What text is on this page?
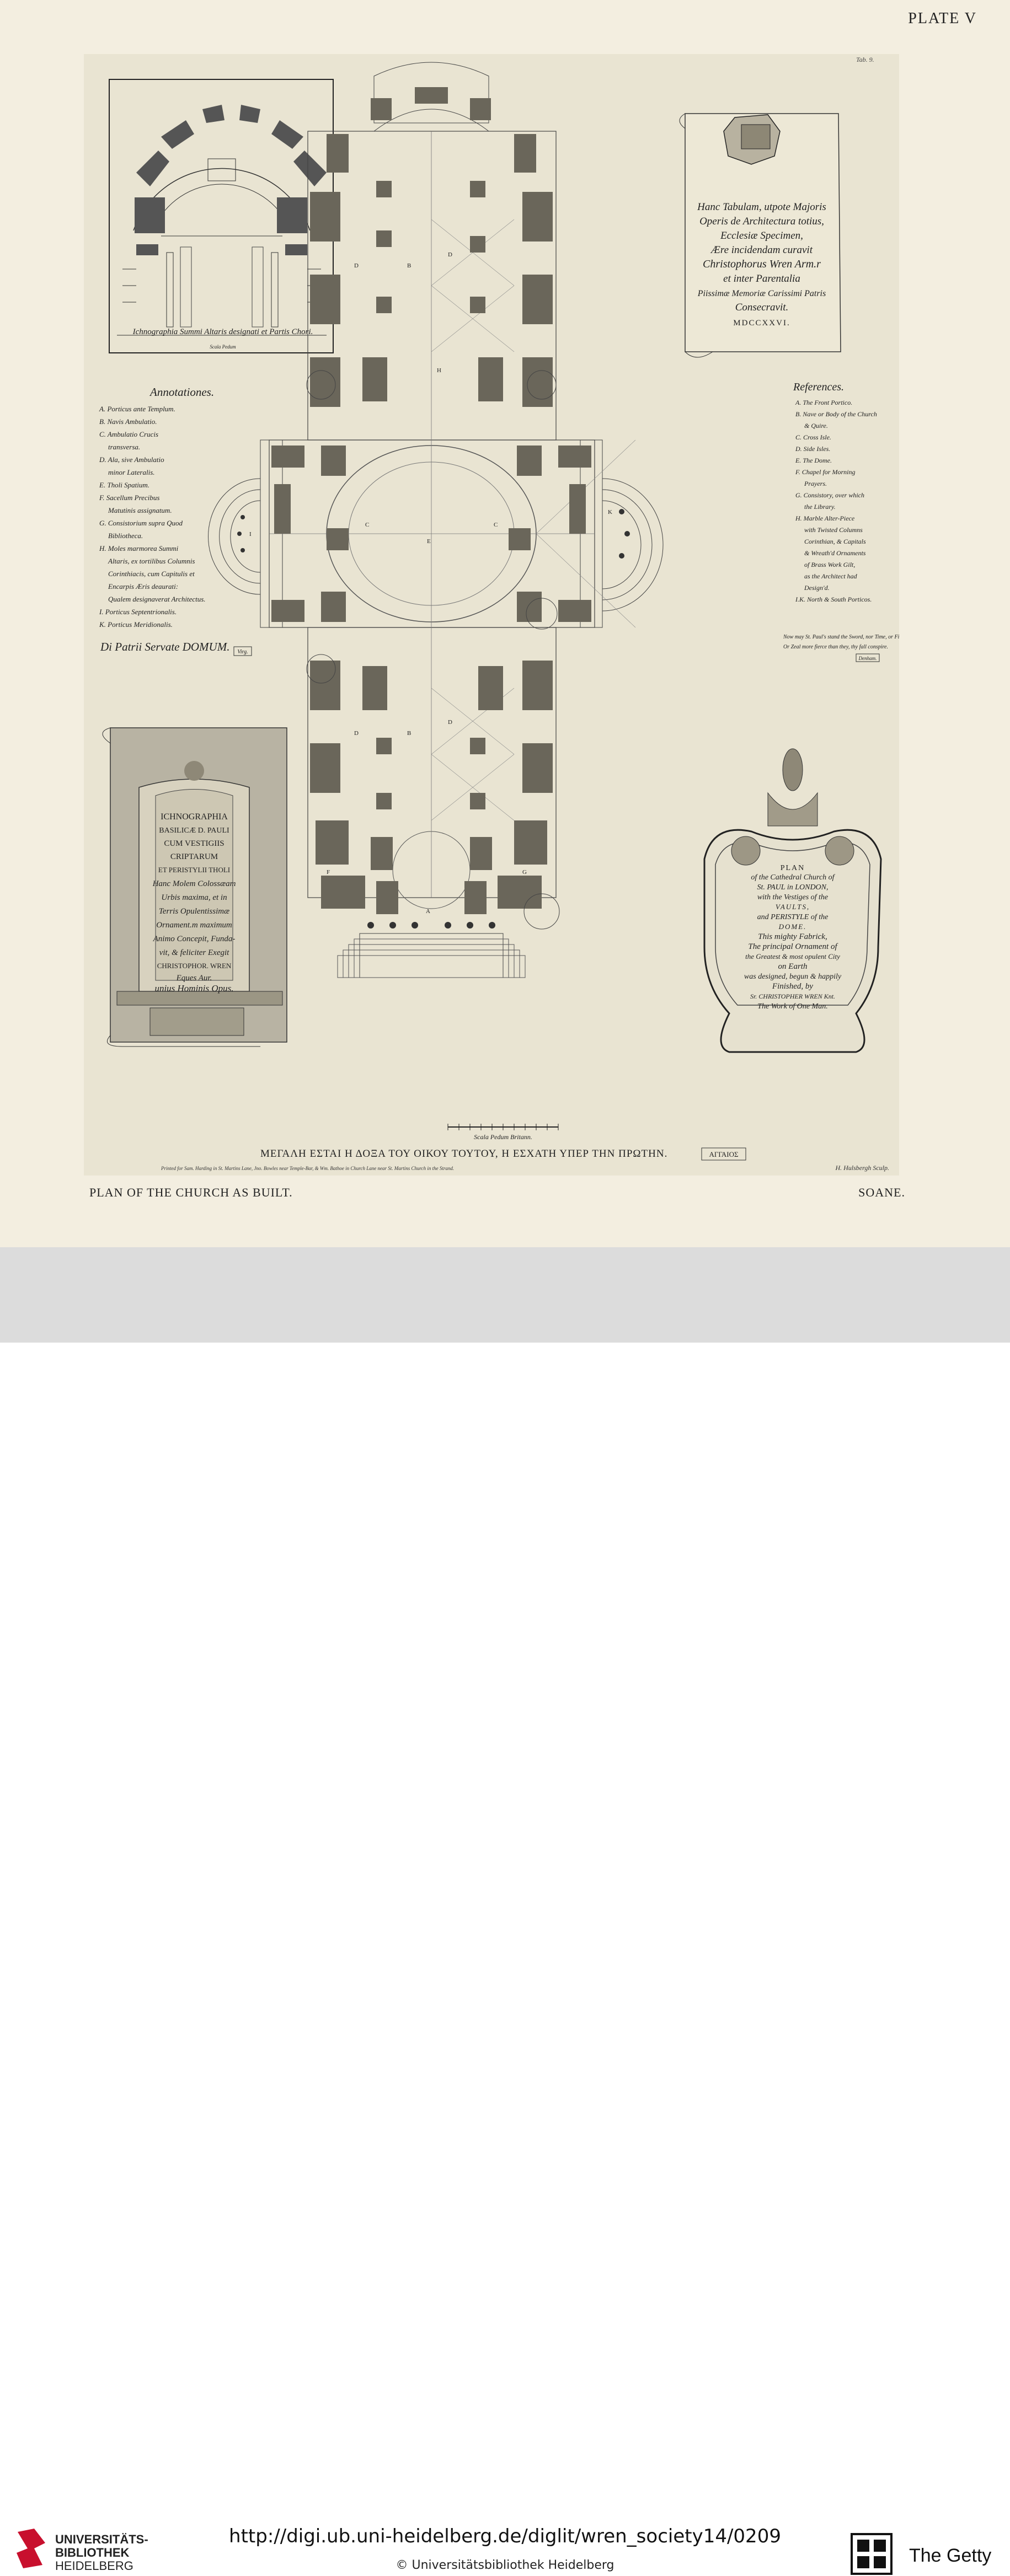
PLATE V
Tab. 9.
Ichnographia Summi Altaris designati et Partis Chori.
Scala Pedum
Hanc Tabulam, utpote Majoris
Operis de Architectura totius,
Ecclesiæ Specimen,
Ære incidendam curavit
Christophorus Wren Arm.r
et inter Parentalia
Piissimæ Memoriæ Carissimi Patris
Consecravit.
MDCCXXVI.
Annotationes.
A. Porticus ante Templum.
B. Navis Ambulatio.
C. Ambulatio Crucis
transversa.
D. Ala, sive Ambulatio
minor Lateralis.
E. Tholi Spatium.
F. Sacellum Precibus
Matutinis assignatum.
G. Consistorium supra Quod
Bibliotheca.
H. Moles marmorea Summi
Altaris, ex tortilibus Columnis
Corinthiacis, cum Capitulis et
Encarpis Æris deaurati:
Qualem designaverat Architectus.
I. Porticus Septentrionalis.
K. Porticus Meridionalis.
Di Patrii Servate DOMUM. Virg.
References.
A. The Front Portico.
B. Nave or Body of the Church
& Quire.
C. Cross Isle.
D. Side Isles.
E. The Dome.
F. Chapel for Morning
Prayers.
G. Consistory, over which
the Library.
H. Marble Alter-Piece
with Twisted Columns
Corinthian, & Capitals
& Wreath'd Ornaments
of Brass Work Gilt,
as the Architect had
Design'd.
I.K. North & South Porticos.
Now may St. Paul's stand the Sword, nor Time, or Fire,
Or Zeal more fierce than they, thy fall conspire.
Denham.
A
B
B
C	C
D
D
D
D
E
F	G
H
I
K
ICHNOGRAPHIA
BASILICÆ D. PAULI
CUM VESTIGIIS
CRIPTARUM
ET PERISTYLII THOLI
Hanc Molem Colossæam
Urbis maxima, et in
Terris Opulentissimæ
Ornament.m maximum
Animo Concepit, Funda-
vit, & feliciter Exegit
CHRISTOPHOR. WREN
Eques Aur.
unius Hominis Opus.
PLAN
of the Cathedral Church of
St. PAUL in LONDON,
with the Vestiges of the
VAULTS,
and PERISTYLE of the
DOME.
This mighty Fabrick,
The principal Ornament of
the Greatest & most opulent City
on Earth
was designed, begun & happily
Finished, by
Sr. CHRISTOPHER WREN Knt.
The Work of One Man.
Scala Pedum Britann.
ΜΕΓΑΛΗ ΕΣΤΑΙ Η ΔΟΞΑ ΤΟΥ ΟΙΚΟΥ ΤΟΥΤΟΥ, Η ΕΣΧΑΤΗ ΥΠΕΡ ΤΗΝ ΠΡΩΤΗΝ.	ΑΓΓΑΙΟΣ
Printed for Sam. Harding in St. Martins Lane, Jno. Bowles near Temple-Bar, & Wm. Bathoe in Church Lane near St. Martins Church in the Strand.	H. Hulsbergh Sculp.
PLAN OF THE CHURCH AS BUILT.	SOANE.
UNIVERSITÄTS-
BIBLIOTHEK
HEIDELBERG
http://digi.ub.uni-heidelberg.de/diglit/wren_society14/0209
© Universitätsbibliothek Heidelberg	The Getty
